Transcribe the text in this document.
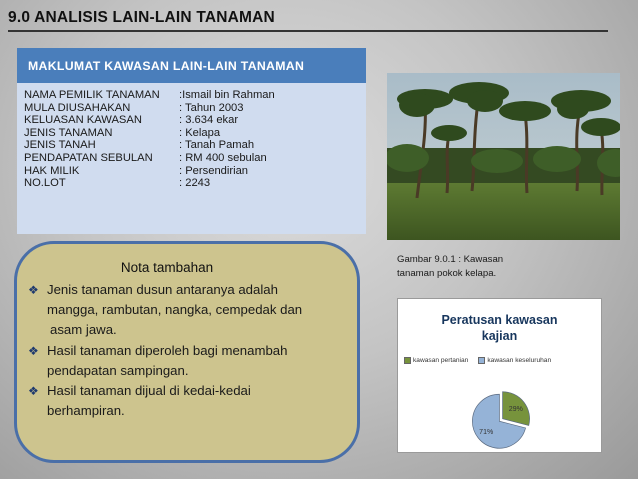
9.0 ANALISIS LAIN-LAIN TANAMAN
MAKLUMAT KAWASAN LAIN-LAIN TANAMAN

NAMA PEMILIK TANAMAN	:Ismail bin Rahman
MULA DIUSAHAKAN	: Tahun 2003
KELUASAN KAWASAN	: 3.634 ekar
JENIS TANAMAN	: Kelapa
JENIS TANAH	: Tanah Pamah
PENDAPATAN SEBULAN	: RM 400 sebulan
HAK MILIK	: Persendirian
NO.LOT	: 2243
Gambar 9.0.1 : Kawasan
tanaman pokok kelapa.
Nota tambahan
❖ Jenis tanaman dusun antaranya adalah
mangga, rambutan, nangka, cempedak dan
asam jawa.
❖ Hasil tanaman diperoleh bagi menambah
pendapatan sampingan.
❖ Hasil tanaman dijual di kedai-kedai
berhampiran.
Peratusan kawasan
kajian
kawasan pertanian	kawasan keseluruhan
29%
71%
